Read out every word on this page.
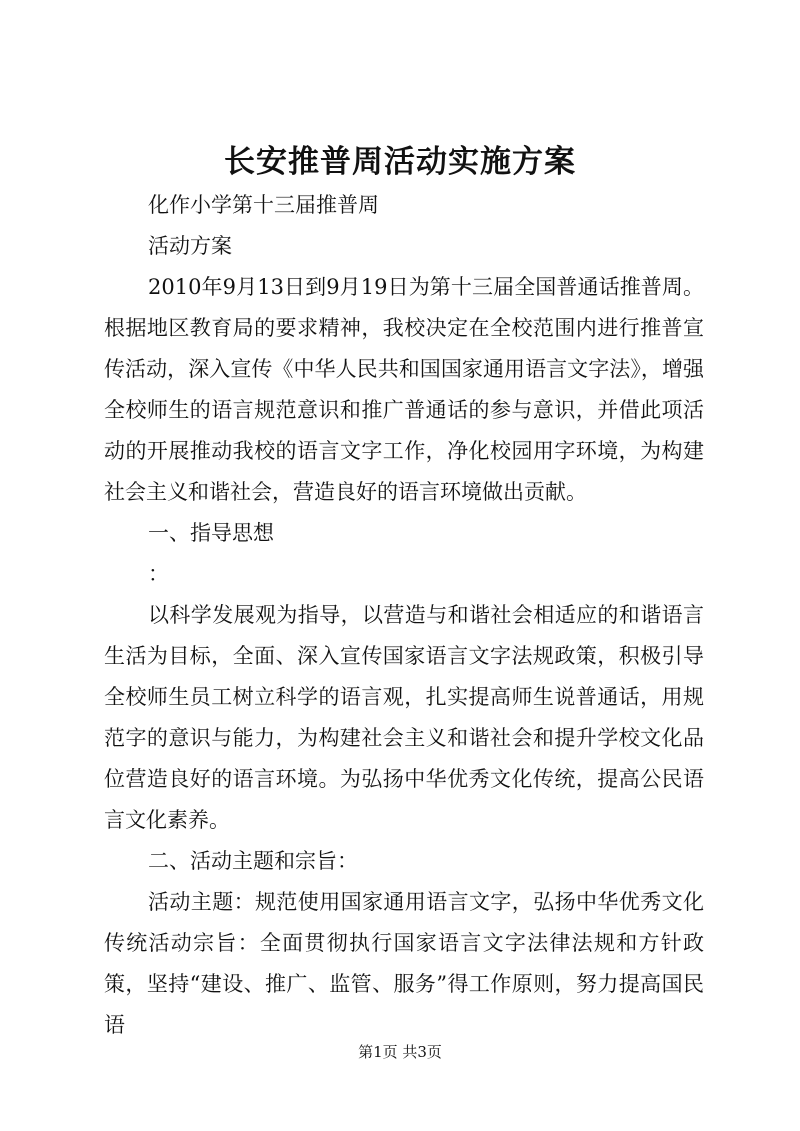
长安推普周活动实施方案

化作小学第十三届推普周

活动方案

2010年9月13日到9月19日为第十三届全国普通话推普周。根据地区教育局的要求精神，我校决定在全校范围内进行推普宣传活动，深入宣传《中华人民共和国国家通用语言文字法》，增强全校师生的语言规范意识和推广普通话的参与意识，并借此项活动的开展推动我校的语言文字工作，净化校园用字环境，为构建社会主义和谐社会，营造良好的语言环境做出贡献。

一、指导思想

：

以科学发展观为指导，以营造与和谐社会相适应的和谐语言生活为目标，全面、深入宣传国家语言文字法规政策，积极引导全校师生员工树立科学的语言观，扎实提高师生说普通话，用规范字的意识与能力，为构建社会主义和谐社会和提升学校文化品位营造良好的语言环境。为弘扬中华优秀文化传统，提高公民语言文化素养。

二、活动主题和宗旨：

活动主题：规范使用国家通用语言文字，弘扬中华优秀文化传统活动宗旨：全面贯彻执行国家语言文字法律法规和方针政策，坚持“建设、推广、监管、服务”得工作原则，努力提高国民语

第1页 共3页
